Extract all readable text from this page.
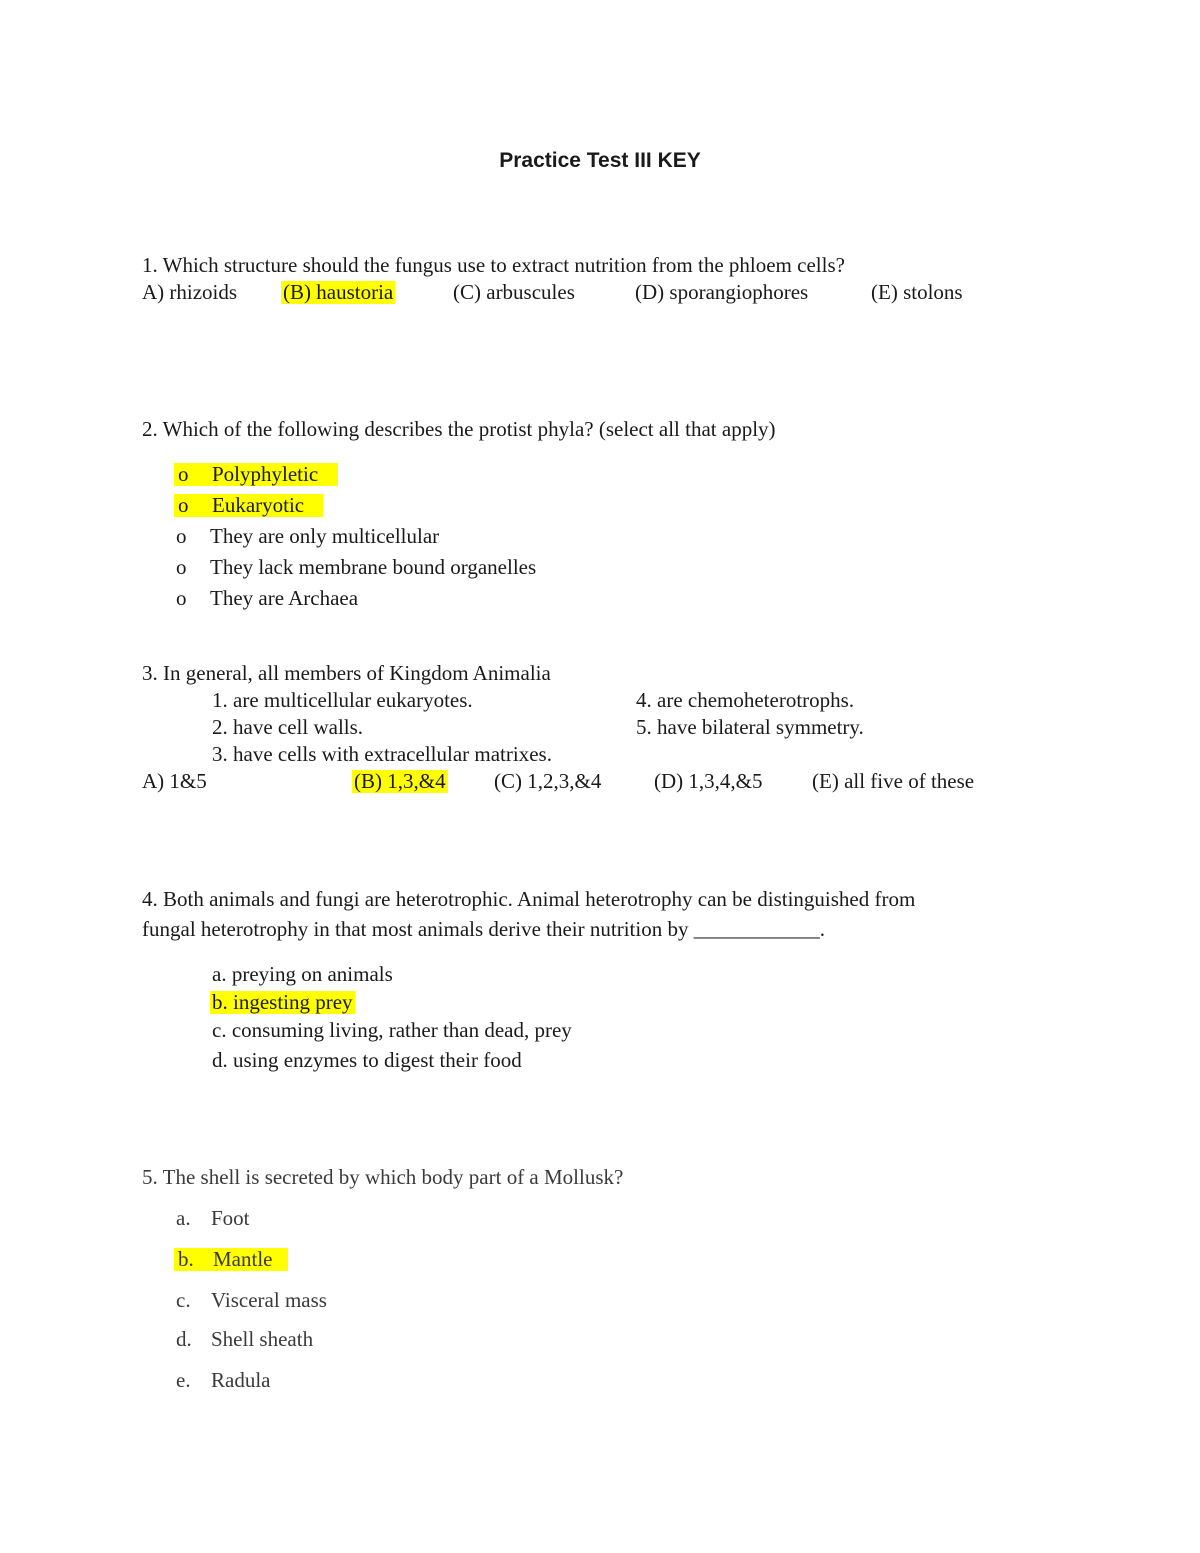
Practice Test III KEY
1. Which structure should the fungus use to extract nutrition from the phloem cells?
A) rhizoids (B) haustoria	(C) arbuscules	(D) sporangiophores	(E) stolons
2. Which of the following describes the protist phyla? (select all that apply)
o Polyphyletic
o Eukaryotic
o They are only multicellular
o They lack membrane bound organelles
o They are Archaea
3. In general, all members of Kingdom Animalia
1. are multicellular eukaryotes.
2. have cell walls.
3. have cells with extracellular matrixes.
4. are chemoheterotrophs.
5. have bilateral symmetry.
A) 1&5	(B) 1,3,&4 (C) 1,2,3,&4	(D) 1,3,4,&5 (E) all five of these
4. Both animals and fungi are heterotrophic. Animal heterotrophy can be distinguished from
fungal heterotrophy in that most animals derive their nutrition by ____________.
a. preying on animals
b. ingesting prey
c. consuming living, rather than dead, prey
d. using enzymes to digest their food
5. The shell is secreted by which body part of a Mollusk?
a. Foot
b. Mantle
c. Visceral mass
d. Shell sheath
e. Radula
